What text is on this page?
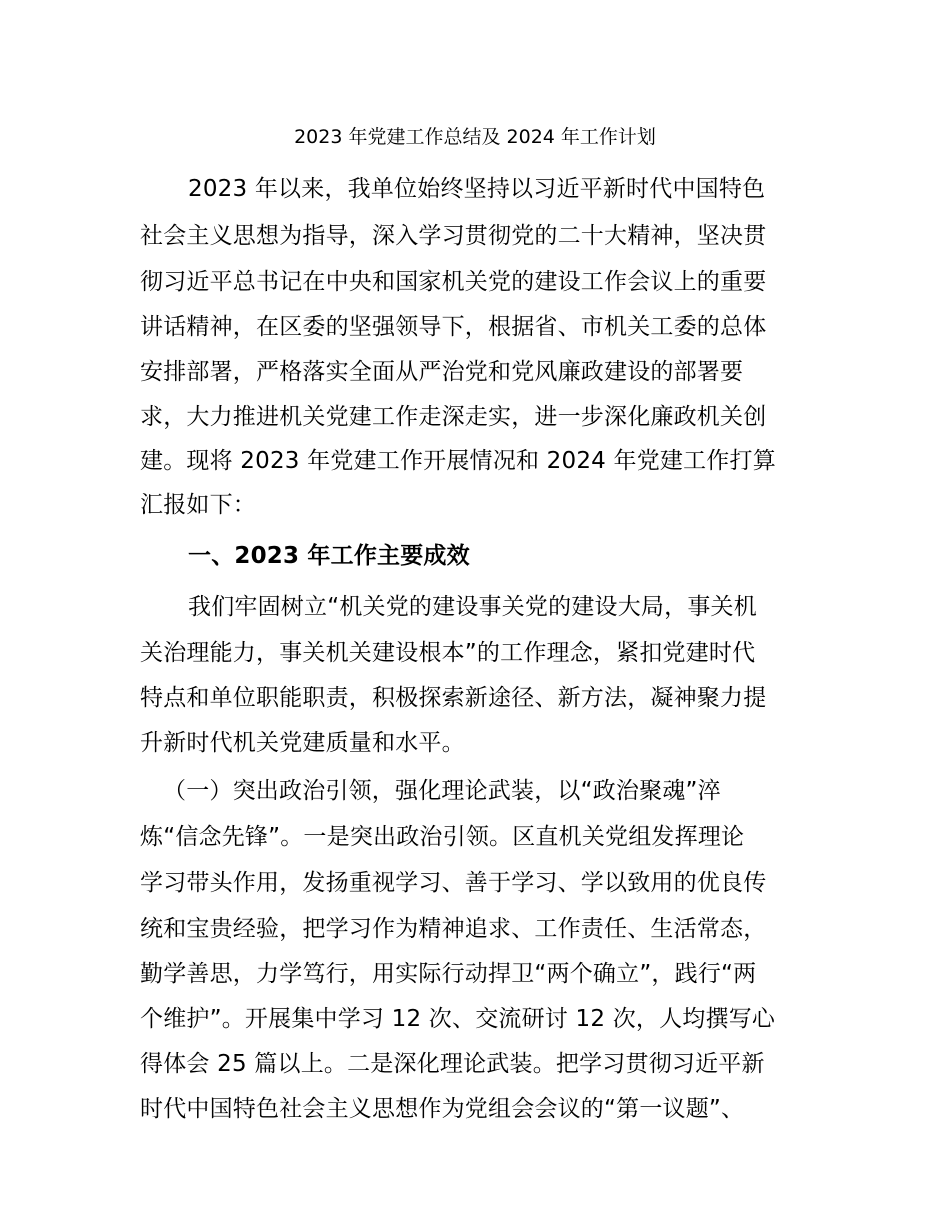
2023 年党建工作总结及 2024 年工作计划
2023 年以来，我单位始终坚持以习近平新时代中国特色
社会主义思想为指导，深入学习贯彻党的二十大精神，坚决贯
彻习近平总书记在中央和国家机关党的建设工作会议上的重要
讲话精神，在区委的坚强领导下，根据省、市机关工委的总体
安排部署，严格落实全面从严治党和党风廉政建设的部署要
求，大力推进机关党建工作走深走实，进一步深化廉政机关创
建。现将 2023 年党建工作开展情况和 2024 年党建工作打算
汇报如下：
一、2023 年工作主要成效
我们牢固树立“机关党的建设事关党的建设大局，事关机
关治理能力，事关机关建设根本”的工作理念，紧扣党建时代
特点和单位职能职责，积极探索新途径、新方法，凝神聚力提
升新时代机关党建质量和水平。
（一）突出政治引领，强化理论武装，以“政治聚魂”淬
炼“信念先锋”。一是突出政治引领。区直机关党组发挥理论
学习带头作用，发扬重视学习、善于学习、学以致用的优良传
统和宝贵经验，把学习作为精神追求、工作责任、生活常态，
勤学善思，力学笃行，用实际行动捍卫“两个确立”，践行“两
个维护”。开展集中学习 12 次、交流研讨 12 次，人均撰写心
得体会 25 篇以上。二是深化理论武装。把学习贯彻习近平新
时代中国特色社会主义思想作为党组会会议的“第一议题”、
